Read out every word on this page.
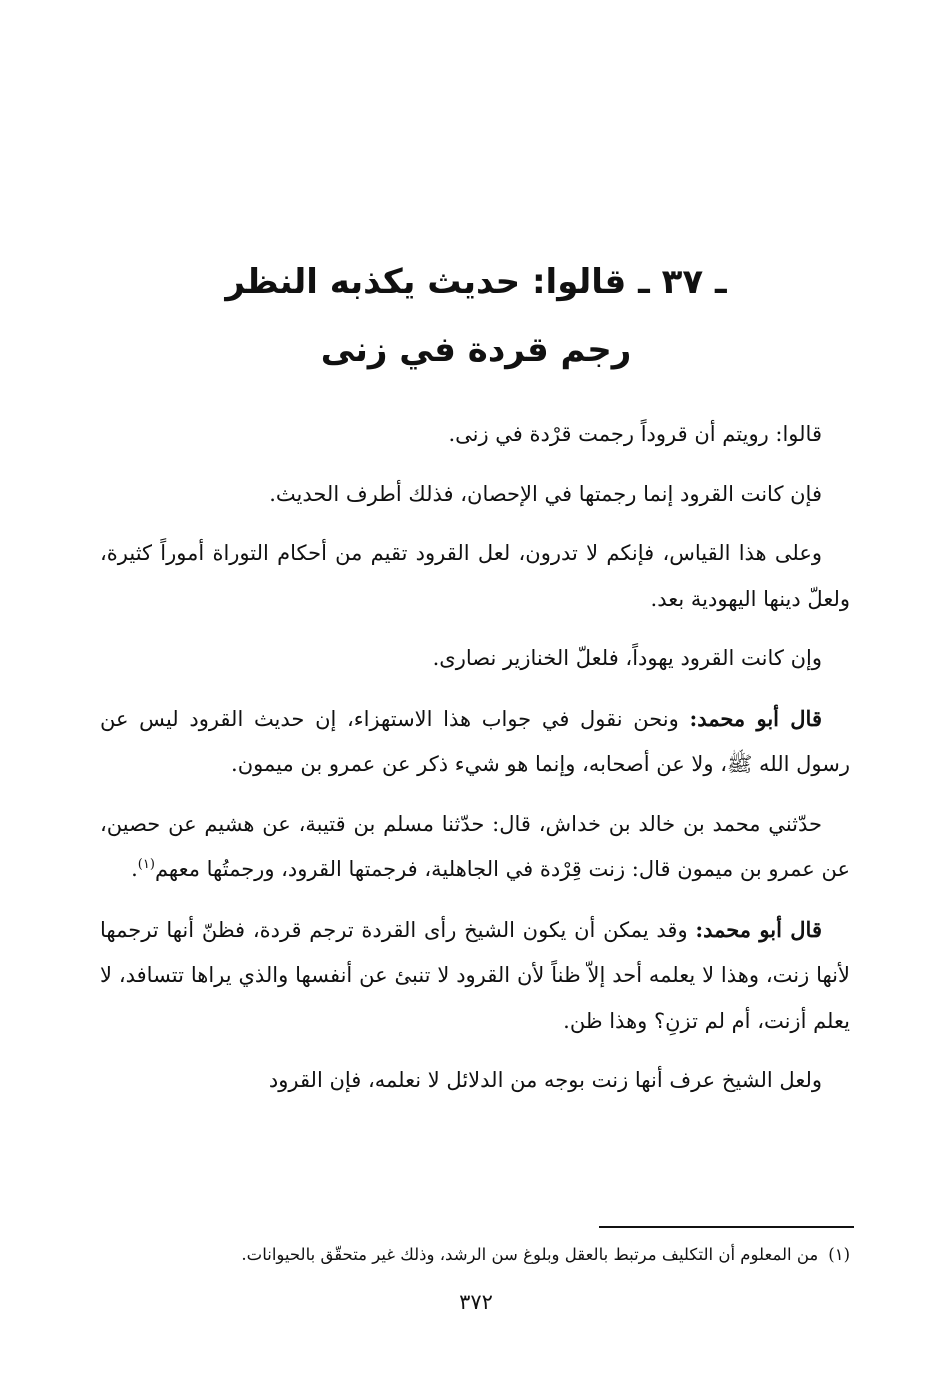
ـ ٣٧ ـ قالوا: حديث يكذبه النظر
رجم قردة في زنى

قالوا: رويتم أن قروداً رجمت قرْدة في زنى.

فإن كانت القرود إنما رجمتها في الإحصان، فذلك أطرف الحديث.

وعلى هذا القياس، فإنكم لا تدرون، لعل القرود تقيم من أحكام التوراة أموراً كثيرة، ولعلّ دينها اليهودية بعد.

وإن كانت القرود يهوداً، فلعلّ الخنازير نصارى.

قال أبو محمد: ونحن نقول في جواب هذا الاستهزاء، إن حديث القرود ليس عن رسول الله ﷺ، ولا عن أصحابه، وإنما هو شيء ذكر عن عمرو بن ميمون.

حدّثني محمد بن خالد بن خداش، قال: حدّثنا مسلم بن قتيبة، عن هشيم عن حصين، عن عمرو بن ميمون قال: زنت قِرْدة في الجاهلية، فرجمتها القرود، ورجمتُها معهم$^{(١)}$.

قال أبو محمد: وقد يمكن أن يكون الشيخ رأى القردة ترجم قردة، فظنّ أنها ترجمها لأنها زنت، وهذا لا يعلمه أحد إلاّ ظناً لأن القرود لا تنبئ عن أنفسها والذي يراها تتسافد، لا يعلم أزنت، أم لم تزنِ؟ وهذا ظن.

ولعل الشيخ عرف أنها زنت بوجه من الدلائل لا نعلمه، فإن القرود

(١)من المعلوم أن التكليف مرتبط بالعقل وبلوغ سن الرشد، وذلك غير متحقّق بالحيوانات.

٣٧٢
